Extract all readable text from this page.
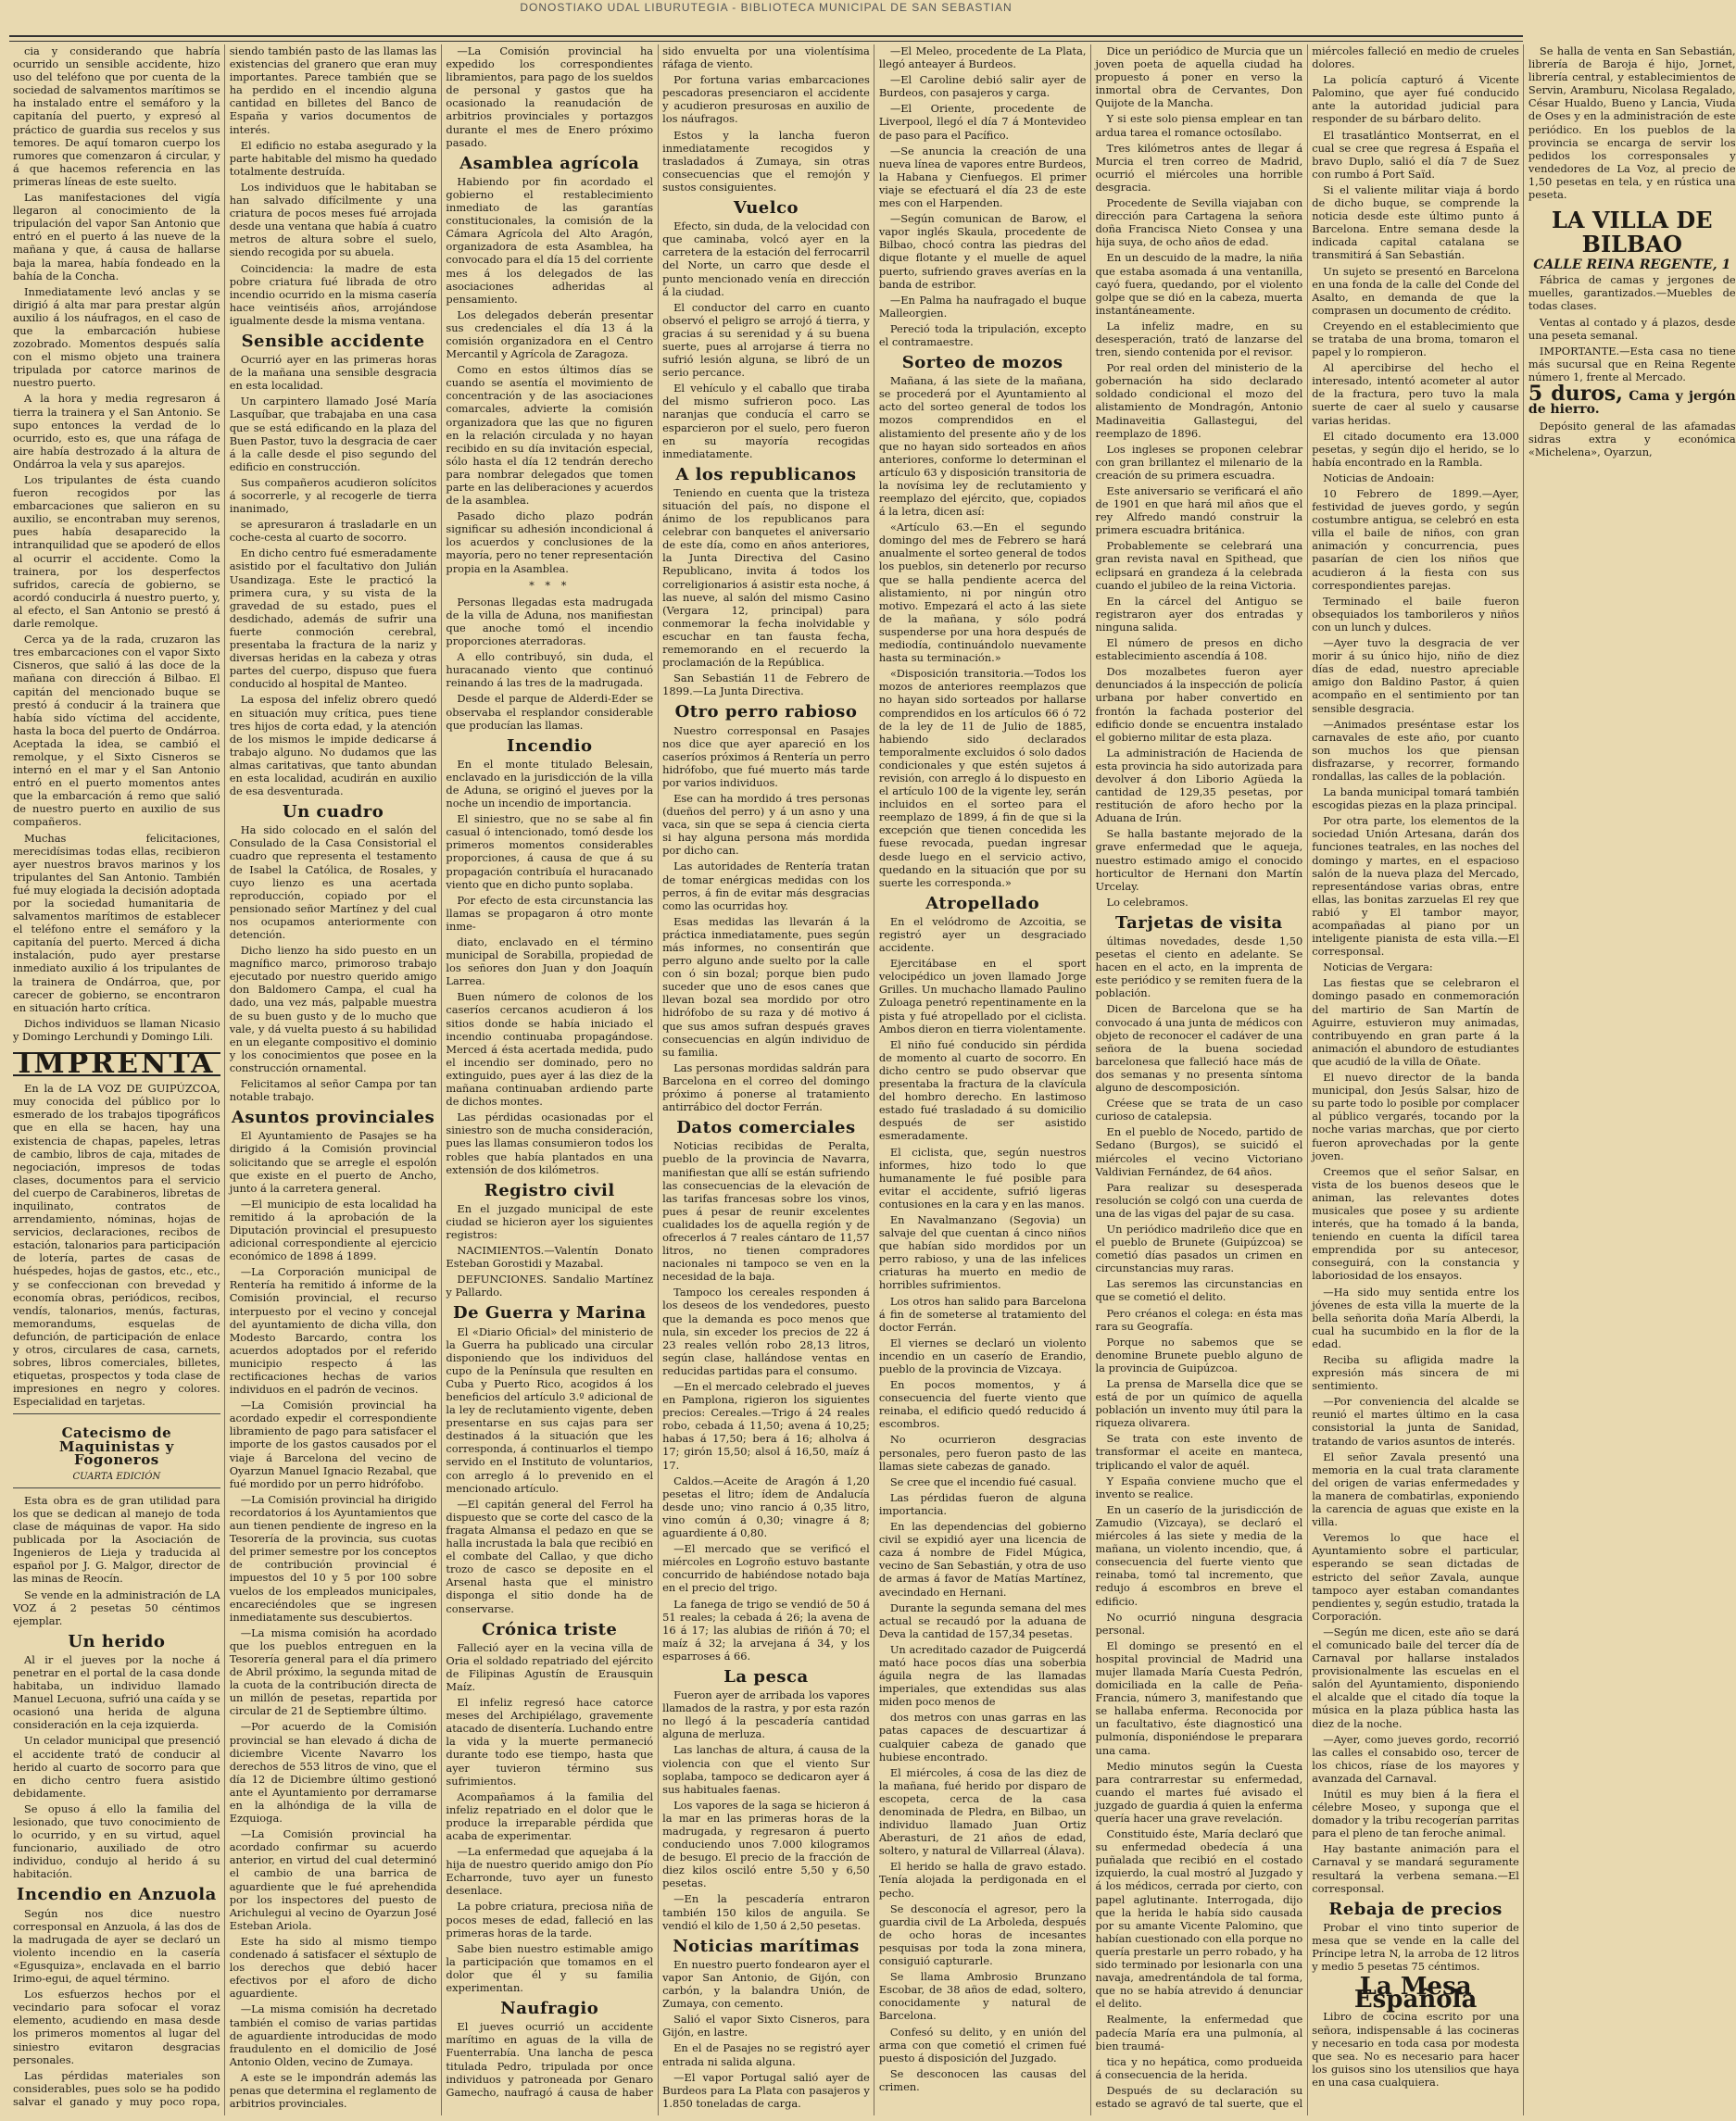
DONOSTIAKO UDAL LIBURUTEGIA - BIBLIOTECA MUNICIPAL DE SAN SEBASTIAN

cia y considerando que habría ocurrido un sensible accidente, hizo uso del teléfono que por cuenta de la sociedad de salvamentos marítimos se ha instalado entre el semáforo y la capitanía del puerto, y expresó al práctico de guardia sus recelos y sus temores. De aquí tomaron cuerpo los rumores que comenzaron á circular, y á que hacemos referencia en las primeras líneas de este suelto.

Las manifestaciones del vigía llegaron al conocimiento de la tripulación del vapor San Antonio que entró en el puerto á las nueve de la mañana y que, á causa de hallarse baja la marea, había fondeado en la bahía de la Concha.

Inmediatamente levó anclas y se dirigió á alta mar para prestar algún auxilio á los náufragos, en el caso de que la embarcación hubiese zozobrado. Momentos después salía con el mismo objeto una trainera tripulada por catorce marinos de nuestro puerto.

A la hora y media regresaron á tierra la trainera y el San Antonio. Se supo entonces la verdad de lo ocurrido, esto es, que una ráfaga de aire había destrozado á la altura de Ondárroa la vela y sus aparejos.

Los tripulantes de ésta cuando fueron recogidos por las embarcaciones que salieron en su auxilio, se encontraban muy serenos, pues había desaparecido la intranquilidad que se apoderó de ellos al ocurrir el accidente. Como la trainera, por los desperfectos sufridos, carecía de gobierno, se acordó conducirla á nuestro puerto, y, al efecto, el San Antonio se prestó á darle remolque.

Cerca ya de la rada, cruzaron las tres embarcaciones con el vapor Sixto Cisneros, que salió á las doce de la mañana con dirección á Bilbao. El capitán del mencionado buque se prestó á conducir á la trainera que había sido víctima del accidente, hasta la boca del puerto de Ondárroa. Aceptada la idea, se cambió el remolque, y el Sixto Cisneros se internó en el mar y el San Antonio entró en el puerto momentos antes que la embarcación á remo que salió de nuestro puerto en auxilio de sus compañeros.

Muchas felicitaciones, merecidísimas todas ellas, recibieron ayer nuestros bravos marinos y los tripulantes del San Antonio. También fué muy elogiada la decisión adoptada por la sociedad humanitaria de salvamentos marítimos de establecer el teléfono entre el semáforo y la capitanía del puerto. Merced á dicha instalación, pudo ayer prestarse inmediato auxilio á los tripulantes de la trainera de Ondárroa, que, por carecer de gobierno, se encontraron en situación harto crítica.

Dichos individuos se llaman Nicasio y Domingo Lerchundi y Domingo Lili.

IMPRENTA

En la de LA VOZ DE GUIPÚZCOA, muy conocida del público por lo esmerado de los trabajos tipográficos que en ella se hacen, hay una existencia de chapas, papeles, letras de cambio, libros de caja, mitades de negociación, impresos de todas clases, documentos para el servicio del cuerpo de Carabineros, libretas de inquilinato, contratos de arrendamiento, nóminas, hojas de servicios, declaraciones, recibos de estación, talonarios para participación de lotería, partes de casas de huéspedes, hojas de gastos, etc., etc., y se confeccionan con brevedad y economía obras, periódicos, recibos, vendís, talonarios, menús, facturas, memorandums, esquelas de defunción, de participación de enlace y otros, circulares de casa, carnets, sobres, libros comerciales, billetes, etiquetas, prospectos y toda clase de impresiones en negro y colores. Especialidad en tarjetas.

Catecismo de Maquinistas y Fogoneros
CUARTA EDICIÓN

Esta obra es de gran utilidad para los que se dedican al manejo de toda clase de máquinas de vapor. Ha sido publicada por la Asociación de Ingenieros de Lieja y traducida al español por J. G. Malgor, director de las minas de Reocín.

Se vende en la administración de LA VOZ á 2 pesetas 50 céntimos ejemplar.

Un herido

Al ir el jueves por la noche á penetrar en el portal de la casa donde habitaba, un individuo llamado Manuel Lecuona, sufrió una caída y se ocasionó una herida de alguna consideración en la ceja izquierda.

Un celador municipal que presenció el accidente trató de conducir al herido al cuarto de socorro para que en dicho centro fuera asistido debidamente.

Se opuso á ello la familia del lesionado, que tuvo conocimiento de lo ocurrido, y en su virtud, aquel funcionario, auxiliado de otro individuo, condujo al herido á su habitación.

Incendio en Anzuola

Según nos dice nuestro corresponsal en Anzuola, á las dos de la madrugada de ayer se declaró un violento incendio en la casería «Egusquiza», enclavada en el barrio Irimo-egui, de aquel término.

Los esfuerzos hechos por el vecindario para sofocar el voraz elemento, acudiendo en masa desde los primeros momentos al lugar del siniestro evitaron desgracias personales.

Las pérdidas materiales son considerables, pues solo se ha podido salvar el ganado y muy poco ropa, siendo también pasto de las llamas las existencias del granero que eran muy importantes. Parece también que se ha perdido en el incendio alguna cantidad en billetes del Banco de España y varios documentos de interés.

El edificio no estaba asegurado y la parte habitable del mismo ha quedado totalmente destruída.

Los individuos que le habitaban se han salvado difícilmente y una criatura de pocos meses fué arrojada desde una ventana que había á cuatro metros de altura sobre el suelo, siendo recogida por su abuela.

Coincidencia: la madre de esta pobre criatura fué librada de otro incendio ocurrido en la misma casería hace veintiséis años, arrojándose igualmente desde la misma ventana.

Sensible accidente

Ocurrió ayer en las primeras horas de la mañana una sensible desgracia en esta localidad.

Un carpintero llamado José María Lasquíbar, que trabajaba en una casa que se está edificando en la plaza del Buen Pastor, tuvo la desgracia de caer á la calle desde el piso segundo del edificio en construcción.

Sus compañeros acudieron solícitos á socorrerle, y al recogerle de tierra inanimado,

se apresuraron á trasladarle en un coche-cesta al cuarto de socorro.

En dicho centro fué esmeradamente asistido por el facultativo don Julián Usandizaga. Este le practicó la primera cura, y su vista de la gravedad de su estado, pues el desdichado, además de sufrir una fuerte conmoción cerebral, presentaba la fractura de la nariz y diversas heridas en la cabeza y otras partes del cuerpo, dispuso que fuera conducido al hospital de Manteo.

La esposa del infeliz obrero quedó en situación muy crítica, pues tiene tres hijos de corta edad, y la atención de los mismos le impide dedicarse á trabajo alguno. No dudamos que las almas caritativas, que tanto abundan en esta localidad, acudirán en auxilio de esa desventurada.

Un cuadro

Ha sido colocado en el salón del Consulado de la Casa Consistorial el cuadro que representa el testamento de Isabel la Católica, de Rosales, y cuyo lienzo es una acertada reproducción, copiado por el pensionado señor Martínez y del cual nos ocupamos anteriormente con detención.

Dicho lienzo ha sido puesto en un magnífico marco, primoroso trabajo ejecutado por nuestro querido amigo don Baldomero Campa, el cual ha dado, una vez más, palpable muestra de su buen gusto y de lo mucho que vale, y dá vuelta puesto á su habilidad en un elegante compositivo el dominio y los conocimientos que posee en la construcción ornamental.

Felicitamos al señor Campa por tan notable trabajo.

Asuntos provinciales

El Ayuntamiento de Pasajes se ha dirigido á la Comisión provincial solicitando que se arregle el espolón que existe en el puerto de Ancho, junto á la carretera general.

—El municipio de esta localidad ha remitido á la aprobación de la Diputación provincial el presupuesto adicional correspondiente al ejercicio económico de 1898 á 1899.

—La Corporación municipal de Rentería ha remitido á informe de la Comisión provincial, el recurso interpuesto por el vecino y concejal del ayuntamiento de dicha villa, don Modesto Barcardo, contra los acuerdos adoptados por el referido municipio respecto á las rectificaciones hechas de varios individuos en el padrón de vecinos.

—La Comisión provincial ha acordado expedir el correspondiente libramiento de pago para satisfacer el importe de los gastos causados por el viaje á Barcelona del vecino de Oyarzun Manuel Ignacio Rezabal, que fué mordido por un perro hidrófobo.

—La Comisión provincial ha dirigido recordatorios á los Ayuntamientos que aun tienen pendiente de ingreso en la Tesorería de la provincia, sus cuotas del primer semestre por los conceptos de contribución provincial é impuestos del 10 y 5 por 100 sobre vuelos de los empleados municipales, encareciéndoles que se ingresen inmediatamente sus descubiertos.

—La misma comisión ha acordado que los pueblos entreguen en la Tesorería general para el día primero de Abril próximo, la segunda mitad de la cuota de la contribución directa de un millón de pesetas, repartida por circular de 21 de Septiembre último.

—Por acuerdo de la Comisión provincial se han elevado á dicha de diciembre Vicente Navarro los derechos de 553 litros de vino, que el día 12 de Diciembre último gestionó ante el Ayuntamiento por derramarse en la alhóndiga de la villa de Ezquioga.

—La Comisión provincial ha acordado confirmar su acuerdo anterior, en virtud del cual determinó el cambio de una barrica de aguardiente que le fué aprehendida por los inspectores del puesto de Arichulegui al vecino de Oyarzun José Esteban Ariola.

Este ha sido al mismo tiempo condenado á satisfacer el séxtuplo de los derechos que debió hacer efectivos por el aforo de dicho aguardiente.

—La misma comisión ha decretado también el comiso de varias partidas de aguardiente introducidas de modo fraudulento en el domicilio de José Antonio Olden, vecino de Zumaya.

A este se le impondrán además las penas que determina el reglamento de arbitrios provinciales.

—La Comisión provincial ha expedido los correspondientes libramientos, para pago de los sueldos de personal y gastos que ha ocasionado la reanudación de arbitrios provinciales y portazgos durante el mes de Enero próximo pasado.

Asamblea agrícola

Habiendo por fin acordado el gobierno el restablecimiento inmediato de las garantías constitucionales, la comisión de la Cámara Agrícola del Alto Aragón, organizadora de esta Asamblea, ha convocado para el día 15 del corriente mes á los delegados de las asociaciones adheridas al pensamiento.

Los delegados deberán presentar sus credenciales el día 13 á la comisión organizadora en el Centro Mercantil y Agrícola de Zaragoza.

Como en estos últimos días se cuando se asentía el movimiento de concentración y de las asociaciones comarcales, advierte la comisión organizadora que las que no figuren en la relación circulada y no hayan recibido en su día invitación especial, sólo hasta el día 12 tendrán derecho para nombrar delegados que tomen parte en las deliberaciones y acuerdos de la asamblea.

Pasado dicho plazo podrán significar su adhesión incondicional á los acuerdos y conclusiones de la mayoría, pero no tener representación propia en la Asamblea.

* * *

Personas llegadas esta madrugada de la villa de Aduna, nos manifiestan que anoche tomó el incendio proporciones aterradoras.

A ello contribuyó, sin duda, el huracanado viento que continuó reinando á las tres de la madrugada.

Desde el parque de Alderdi-Eder se observaba el resplandor considerable que producían las llamas.

Incendio

En el monte titulado Belesain, enclavado en la jurisdicción de la villa de Aduna, se originó el jueves por la noche un incendio de importancia.

El siniestro, que no se sabe al fin casual ó intencionado, tomó desde los primeros momentos considerables proporciones, á causa de que á su propagación contribuía el huracanado viento que en dicho punto soplaba.

Por efecto de esta circunstancia las llamas se propagaron á otro monte inme-

diato, enclavado en el término municipal de Sorabilla, propiedad de los señores don Juan y don Joaquín Larrea.

Buen número de colonos de los caseríos cercanos acudieron á los sitios donde se había iniciado el incendio continuaba propagándose. Merced á ésta acertada medida, pudo el incendio ser dominado, pero no extinguido, pues ayer á las diez de la mañana continuaban ardiendo parte de dichos montes.

Las pérdidas ocasionadas por el siniestro son de mucha consideración, pues las llamas consumieron todos los robles que había plantados en una extensión de dos kilómetros.

Registro civil

En el juzgado municipal de este ciudad se hicieron ayer los siguientes registros:

NACIMIENTOS.—Valentín Donato Esteban Gorostidi y Mazabal.

DEFUNCIONES. Sandalio Martínez y Pallardo.

De Guerra y Marina

El «Diario Oficial» del ministerio de la Guerra ha publicado una circular disponiendo que los individuos del cupo de la Península que resulten en Cuba y Puerto Rico, acogidos á los beneficios del artículo 3.º adicional de la ley de reclutamiento vigente, deben presentarse en sus cajas para ser destinados á la situación que les corresponda, á continuarlos el tiempo servido en el Instituto de voluntarios, con arreglo á lo prevenido en el mencionado artículo.

—El capitán general del Ferrol ha dispuesto que se corte del casco de la fragata Almansa el pedazo en que se halla incrustada la bala que recibió en el combate del Callao, y que dicho trozo de casco se deposite en el Arsenal hasta que el ministro disponga el sitio donde ha de conservarse.

Crónica triste

Falleció ayer en la vecina villa de Oria el soldado repatriado del ejército de Filipinas Agustín de Erausquin Maíz.

El infeliz regresó hace catorce meses del Archipiélago, gravemente atacado de disentería. Luchando entre la vida y la muerte permaneció durante todo ese tiempo, hasta que ayer tuvieron término sus sufrimientos.

Acompañamos á la familia del infeliz repatriado en el dolor que le produce la irreparable pérdida que acaba de experimentar.

—La enfermedad que aquejaba á la hija de nuestro querido amigo don Pío Echarronde, tuvo ayer un funesto desenlace.

La pobre criatura, preciosa niña de pocos meses de edad, falleció en las primeras horas de la tarde.

Sabe bien nuestro estimable amigo la participación que tomamos en el dolor que él y su familia experimentan.

Naufragio

El jueves ocurrió un accidente marítimo en aguas de la villa de Fuenterrabía. Una lancha de pesca titulada Pedro, tripulada por once individuos y patroneada por Genaro Gamecho, naufragó á causa de haber sido envuelta por una violentísima ráfaga de viento.

Por fortuna varias embarcaciones pescadoras presenciaron el accidente y acudieron presurosas en auxilio de los náufragos.

Estos y la lancha fueron inmediatamente recogidos y trasladados á Zumaya, sin otras consecuencias que el remojón y sustos consiguientes.

Vuelco

Efecto, sin duda, de la velocidad con que caminaba, volcó ayer en la carretera de la estación del ferrocarril del Norte, un carro que desde el punto mencionado venía en dirección á la ciudad.

El conductor del carro en cuanto observó el peligro se arrojó á tierra, y gracias á su serenidad y á su buena suerte, pues al arrojarse á tierra no sufrió lesión alguna, se libró de un serio percance.

El vehículo y el caballo que tiraba del mismo sufrieron poco. Las naranjas que conducía el carro se esparcieron por el suelo, pero fueron en su mayoría recogidas inmediatamente.

A los republicanos

Teniendo en cuenta que la tristeza situación del país, no dispone el ánimo de los republicanos para celebrar con banquetes el aniversario de este día, como en años anteriores, la Junta Directiva del Casino Republicano, invita á todos los correligionarios á asistir esta noche, á las nueve, al salón del mismo Casino (Vergara 12, principal) para conmemorar la fecha inolvidable y escuchar en tan fausta fecha, rememorando en el recuerdo la proclamación de la República.

San Sebastián 11 de Febrero de 1899.—La Junta Directiva.

Otro perro rabioso

Nuestro corresponsal en Pasajes nos dice que ayer apareció en los caseríos próximos á Rentería un perro hidrófobo, que fué muerto más tarde por varios individuos.

Ese can ha mordido á tres personas (dueños del perro) y á un asno y una vaca, sin que se sepa á ciencia cierta si hay alguna persona más mordida por dicho can.

Las autoridades de Rentería tratan de tomar enérgicas medidas con los perros, á fin de evitar más desgracias como las ocurridas hoy.

Esas medidas las llevarán á la práctica inmediatamente, pues según más informes, no consentirán que perro alguno ande suelto por la calle con ó sin bozal; porque bien pudo suceder que uno de esos canes que llevan bozal sea mordido por otro hidrófobo de su raza y dé motivo á que sus amos sufran después graves consecuencias en algún individuo de su familia.

Las personas mordidas saldrán para Barcelona en el correo del domingo próximo á ponerse al tratamiento antirrábico del doctor Ferrán.

Datos comerciales

Noticias recibidas de Peralta, pueblo de la provincia de Navarra, manifiestan que allí se están sufriendo las consecuencias de la elevación de las tarifas francesas sobre los vinos, pues á pesar de reunir excelentes cualidades los de aquella región y de ofrecerlos á 7 reales cántaro de 11,57 litros, no tienen compradores nacionales ni tampoco se ven en la necesidad de la baja.

Tampoco los cereales responden á los deseos de los vendedores, puesto que la demanda es poco menos que nula, sin exceder los precios de 22 á 23 reales vellón robo 28,13 litros, según clase, hallándose ventas en reducidas partidas para el consumo.

—En el mercado celebrado el jueves en Pamplona, rigieron los siguientes precios: Cereales.—Trigo á 24 reales robo, cebada á 11,50; avena á 10,25; habas á 17,50; bera á 16; alholva á 17; girón 15,50; alsol á 16,50, maíz á 17.

Caldos.—Aceite de Aragón á 1,20 pesetas el litro; ídem de Andalucía desde uno; vino rancio á 0,35 litro, vino común á 0,30; vinagre á 8; aguardiente á 0,80.

—El mercado que se verificó el miércoles en Logroño estuvo bastante concurrido de habiéndose notado baja en el precio del trigo.

La fanega de trigo se vendió de 50 á 51 reales; la cebada á 26; la avena de 16 á 17; las alubias de riñón á 70; el maíz á 32; la arvejana á 34, y los esparroses á 66.

La pesca

Fueron ayer de arribada los vapores llamados de la rastra, y por esta razón no llegó á la pescadería cantidad alguna de merluza.

Las lanchas de altura, á causa de la violencia con que el viento Sur soplaba, tampoco se dedicaron ayer á sus habituales faenas.

Los vapores de la saga se hicieron á la mar en las primeras horas de la madrugada, y regresaron á puerto conduciendo unos 7.000 kilogramos de besugo. El precio de la fracción de diez kilos osciló entre 5,50 y 6,50 pesetas.

—En la pescadería entraron también 150 kilos de anguila. Se vendió el kilo de 1,50 á 2,50 pesetas.

Noticias marítimas

En nuestro puerto fondearon ayer el vapor San Antonio, de Gijón, con carbón, y la balandra Unión, de Zumaya, con cemento.

Salió el vapor Sixto Cisneros, para Gijón, en lastre.

En el de Pasajes no se registró ayer entrada ni salida alguna.

—El vapor Portugal salió ayer de Burdeos para La Plata con pasajeros y 1.850 toneladas de carga.

—El Meleo, procedente de La Plata, llegó anteayer á Burdeos.

—El Caroline debió salir ayer de Burdeos, con pasajeros y carga.

—El Oriente, procedente de Liverpool, llegó el día 7 á Montevideo de paso para el Pacífico.

—Se anuncia la creación de una nueva línea de vapores entre Burdeos, la Habana y Cienfuegos. El primer viaje se efectuará el día 23 de este mes con el Harpenden.

—Según comunican de Barow, el vapor inglés Skaula, procedente de Bilbao, chocó contra las piedras del dique flotante y el muelle de aquel puerto, sufriendo graves averías en la banda de estribor.

—En Palma ha naufragado el buque Malleorgien.

Pereció toda la tripulación, excepto el contramaestre.

Sorteo de mozos

Mañana, á las siete de la mañana, se procederá por el Ayuntamiento al acto del sorteo general de todos los mozos comprendidos en el alistamiento del presente año y de los que no hayan sido sorteados en años anteriores, conforme lo determinan el artículo 63 y disposición transitoria de la novísima ley de reclutamiento y reemplazo del ejército, que, copiados á la letra, dicen así:

«Artículo 63.—En el segundo domingo del mes de Febrero se hará anualmente el sorteo general de todos los pueblos, sin detenerlo por recurso que se halla pendiente acerca del alistamiento, ni por ningún otro motivo. Empezará el acto á las siete de la mañana, y sólo podrá suspenderse por una hora después de mediodía, continuándolo nuevamente hasta su terminación.»

«Disposición transitoria.—Todos los mozos de anteriores reemplazos que no hayan sido sorteados por hallarse comprendidos en los artículos 66 ó 72 de la ley de 11 de Julio de 1885, habiendo sido declarados temporalmente excluidos ó solo dados condicionales y que estén sujetos á revisión, con arreglo á lo dispuesto en el artículo 100 de la vigente ley, serán incluidos en el sorteo para el reemplazo de 1899, á fin de que si la excepción que tienen concedida les fuese revocada, puedan ingresar desde luego en el servicio activo, quedando en la situación que por su suerte les corresponda.»

Atropellado

En el velódromo de Azcoitia, se registró ayer un desgraciado accidente.

Ejercitábase en el sport velocipédico un joven llamado Jorge Grilles. Un muchacho llamado Paulino Zuloaga penetró repentinamente en la pista y fué atropellado por el ciclista. Ambos dieron en tierra violentamente.

El niño fué conducido sin pérdida de momento al cuarto de socorro. En dicho centro se pudo observar que presentaba la fractura de la clavícula del hombro derecho. En lastimoso estado fué trasladado á su domicilio después de ser asistido esmeradamente.

El ciclista, que, según nuestros informes, hizo todo lo que humanamente le fué posible para evitar el accidente, sufrió ligeras contusiones en la cara y en las manos.

En Navalmanzano (Segovia) un salvaje del que cuentan á cinco niños que habían sido mordidos por un perro rabioso, y una de las infelices criaturas ha muerto en medio de horribles sufrimientos.

Los otros han salido para Barcelona á fin de someterse al tratamiento del doctor Ferrán.

El viernes se declaró un violento incendio en un caserío de Erandio, pueblo de la provincia de Vizcaya.

En pocos momentos, y á consecuencia del fuerte viento que reinaba, el edificio quedó reducido á escombros.

No ocurrieron desgracias personales, pero fueron pasto de las llamas siete cabezas de ganado.

Se cree que el incendio fué casual.

Las pérdidas fueron de alguna importancia.

En las dependencias del gobierno civil se expidió ayer una licencia de caza á nombre de Fidel Múgica, vecino de San Sebastián, y otra de uso de armas á favor de Matías Martínez, avecindado en Hernani.

Durante la segunda semana del mes actual se recaudó por la aduana de Deva la cantidad de 157,34 pesetas.

Un acreditado cazador de Puigcerdá mató hace pocos días una soberbia águila negra de las llamadas imperiales, que extendidas sus alas miden poco menos de

dos metros con unas garras en las patas capaces de descuartizar á cualquier cabeza de ganado que hubiese encontrado.

El miércoles, á cosa de las diez de la mañana, fué herido por disparo de escopeta, cerca de la casa denominada de Pledra, en Bilbao, un individuo llamado Juan Ortiz Aberasturi, de 21 años de edad, soltero, y natural de Villarreal (Álava).

El herido se halla de gravo estado. Tenía alojada la perdigonada en el pecho.

Se desconocía el agresor, pero la guardia civil de La Arboleda, después de ocho horas de incesantes pesquisas por toda la zona minera, consiguió capturarle.

Se llama Ambrosio Brunzano Escobar, de 38 años de edad, soltero, conocidamente y natural de Barcelona.

Confesó su delito, y en unión del arma con que cometió el crimen fué puesto á disposición del Juzgado.

Se desconocen las causas del crimen.

Dice un periódico de Murcia que un joven poeta de aquella ciudad ha propuesto á poner en verso la inmortal obra de Cervantes, Don Quijote de la Mancha.

Y si este solo piensa emplear en tan ardua tarea el romance octosílabo.

Tres kilómetros antes de llegar á Murcia el tren correo de Madrid, ocurrió el miércoles una horrible desgracia.

Procedente de Sevilla viajaban con dirección para Cartagena la señora doña Francisca Nieto Consea y una hija suya, de ocho años de edad.

En un descuido de la madre, la niña que estaba asomada á una ventanilla, cayó fuera, quedando, por el violento golpe que se dió en la cabeza, muerta instantáneamente.

La infeliz madre, en su desesperación, trató de lanzarse del tren, siendo contenida por el revisor.

Por real orden del ministerio de la gobernación ha sido declarado soldado condicional el mozo del alistamiento de Mondragón, Antonio Madinaveitia Gallastegui, del reemplazo de 1896.

Los ingleses se proponen celebrar con gran brillantez el milenario de la creación de su primera escuadra.

Este aniversario se verificará el año de 1901 en que hará mil años que el rey Alfredo mandó construir la primera escuadra británica.

Probablemente se celebrará una gran revista naval en Spithead, que eclipsará en grandeza á la celebrada cuando el jubileo de la reina Victoria.

En la cárcel del Antiguo se registraron ayer dos entradas y ninguna salida.

El número de presos en dicho establecimiento ascendía á 108.

Dos mozalbetes fueron ayer denunciados á la inspección de policía urbana por haber convertido en frontón la fachada posterior del edificio donde se encuentra instalado el gobierno militar de esta plaza.

La administración de Hacienda de esta provincia ha sido autorizada para devolver á don Liborio Agüeda la cantidad de 129,35 pesetas, por restitución de aforo hecho por la Aduana de Irún.

Se halla bastante mejorado de la grave enfermedad que le aqueja, nuestro estimado amigo el conocido horticultor de Hernani don Martín Urcelay.

Lo celebramos.

Tarjetas de visita

últimas novedades, desde 1,50 pesetas el ciento en adelante. Se hacen en el acto, en la imprenta de este periódico y se remiten fuera de la población.

Dicen de Barcelona que se ha convocado á una junta de médicos con objeto de reconocer el cadáver de una señora de la buena sociedad barcelonesa que falleció hace más de dos semanas y no presenta síntoma alguno de descomposición.

Créese que se trata de un caso curioso de catalepsia.

En el pueblo de Nocedo, partido de Sedano (Burgos), se suicidó el miércoles el vecino Victoriano Valdivian Fernández, de 64 años.

Para realizar su desesperada resolución se colgó con una cuerda de una de las vigas del pajar de su casa.

Un periódico madrileño dice que en el pueblo de Brunete (Guipúzcoa) se cometió días pasados un crimen en circunstancias muy raras.

Las seremos las circunstancias en que se cometió el delito.

Pero créanos el colega: en ésta mas rara su Geografía.

Porque no sabemos que se denomine Brunete pueblo alguno de la provincia de Guipúzcoa.

La prensa de Marsella dice que se está de por un químico de aquella población un invento muy útil para la riqueza olivarera.

Se trata con este invento de transformar el aceite en manteca, triplicando el valor de aquél.

Y España conviene mucho que el invento se realice.

En un caserío de la jurisdicción de Zamudio (Vizcaya), se declaró el miércoles á las siete y media de la mañana, un violento incendio, que, á consecuencia del fuerte viento que reinaba, tomó tal incremento, que redujo á escombros en breve el edificio.

No ocurrió ninguna desgracia personal.

El domingo se presentó en el hospital provincial de Madrid una mujer llamada María Cuesta Pedrón, domiciliada en la calle de Peña-Francia, número 3, manifestando que se hallaba enferma. Reconocida por un facultativo, éste diagnosticó una pulmonía, disponiéndose le preparara una cama.

Medio minutos según la Cuesta para contrarrestar su enfermedad, cuando el martes fué avisado el juzgado de guardia á quien la enferma quería hacer una grave revelación.

Constituido éste, María declaró que su enfermedad obedecía á una puñalada que recibió en el costado izquierdo, la cual mostró al Juzgado y á los médicos, cerrada por cierto, con papel aglutinante. Interrogada, dijo que la herida le había sido causada por su amante Vicente Palomino, que habían cuestionado con ella porque no quería prestarle un perro robado, y ha sido terminado por lesionarla con una navaja, amedrentándola de tal forma, que no se había atrevido á denunciar el delito.

Realmente, la enfermedad que padecía María era una pulmonía, al bien traumá-

tica y no hepática, como produeida á consecuencia de la herida.

Después de su declaración su estado se agravó de tal suerte, que el miércoles falleció en medio de crueles dolores.

La policía capturó á Vicente Palomino, que ayer fué conducido ante la autoridad judicial para responder de su bárbaro delito.

El trasatlántico Montserrat, en el cual se cree que regresa á España el bravo Duplo, salió el día 7 de Suez con rumbo á Port Saïd.

Si el valiente militar viaja á bordo de dicho buque, se comprende la noticia desde este último punto á Barcelona. Entre semana desde la indicada capital catalana se transmitirá á San Sebastián.

Un sujeto se presentó en Barcelona en una fonda de la calle del Conde del Asalto, en demanda de que la comprasen un documento de crédito.

Creyendo en el establecimiento que se trataba de una broma, tomaron el papel y lo rompieron.

Al apercibirse del hecho el interesado, intentó acometer al autor de la fractura, pero tuvo la mala suerte de caer al suelo y causarse varias heridas.

El citado documento era 13.000 pesetas, y según dijo el herido, se lo había encontrado en la Rambla.

Noticias de Andoain:

10 Febrero de 1899.—Ayer, festividad de jueves gordo, y según costumbre antigua, se celebró en esta villa el baile de niños, con gran animación y concurrencia, pues pasarían de cien los niños que acudieron á la fiesta con sus correspondientes parejas.

Terminado el baile fueron obsequiados los tamborileros y niños con un lunch y dulces.

—Ayer tuvo la desgracia de ver morir á su único hijo, niño de diez días de edad, nuestro apreciable amigo don Baldino Pastor, á quien acompaño en el sentimiento por tan sensible desgracia.

—Animados preséntase estar los carnavales de este año, por cuanto son muchos los que piensan disfrazarse, y recorrer, formando rondallas, las calles de la población.

La banda municipal tomará también escogidas piezas en la plaza principal.

Por otra parte, los elementos de la sociedad Unión Artesana, darán dos funciones teatrales, en las noches del domingo y martes, en el espacioso salón de la nueva plaza del Mercado, representándose varias obras, entre ellas, las bonitas zarzuelas El rey que rabió y El tambor mayor, acompañadas al piano por un inteligente pianista de esta villa.—El corresponsal.

Noticias de Vergara:

Las fiestas que se celebraron el domingo pasado en conmemoración del martirio de San Martín de Aguirre, estuvieron muy animadas, contribuyendo en gran parte á la animación el abundoro de estudiantes que acudió de la villa de Oñate.

El nuevo director de la banda municipal, don Jesús Salsar, hizo de su parte todo lo posible por complacer al público vergarés, tocando por la noche varias marchas, que por cierto fueron aprovechadas por la gente joven.

Creemos que el señor Salsar, en vista de los buenos deseos que le animan, las relevantes dotes musicales que posee y su ardiente interés, que ha tomado á la banda, teniendo en cuenta la difícil tarea emprendida por su antecesor, conseguirá, con la constancia y laboriosidad de los ensayos.

—Ha sido muy sentida entre los jóvenes de esta villa la muerte de la bella señorita doña María Alberdi, la cual ha sucumbido en la flor de la edad.

Reciba su afligida madre la expresión más sincera de mi sentimiento.

—Por conveniencia del alcalde se reunió el martes último en la casa consistorial la junta de Sanidad, tratando de varios asuntos de interés.

El señor Zavala presentó una memoria en la cual trata claramente del origen de varias enfermedades y la manera de combatirlas, exponiendo la carencia de aguas que existe en la villa.

Veremos lo que hace el Ayuntamiento sobre el particular, esperando se sean dictadas de estricto del señor Zavala, aunque tampoco ayer estaban comandantes pendientes y, según estudio, tratada la Corporación.

—Según me dicen, este año se dará el comunicado baile del tercer día de Carnaval por hallarse instalados provisionalmente las escuelas en el salón del Ayuntamiento, disponiendo el alcalde que el citado día toque la música en la plaza pública hasta las diez de la noche.

—Ayer, como jueves gordo, recorrió las calles el consabido oso, tercer de los chicos, ríase de los mayores y avanzada del Carnaval.

Inútil es muy bien á la fiera el célebre Moseo, y suponga que el domador y la tribu recogerían parritas para el pleno de tan feroche animal.

Hay bastante animación para el Carnaval y se mandará seguramente resultará la verbena semana.—El corresponsal.

Rebaja de precios

Probar el vino tinto superior de mesa que se vende en la calle del Príncipe letra N, la arroba de 12 litros y medio 5 pesetas 75 céntimos.

La Mesa Española

Libro de cocina escrito por una señora, indispensable á las cocineras y necesario en toda casa por modesta que sea. No es necesario para hacer los guisos sino los utensilios que haya en una casa cualquiera.

Se halla de venta en San Sebastián, librería de Baroja é hijo, Jornet, librería central, y establecimientos de Servin, Aramburu, Nicolasa Regalado, César Hualdo, Bueno y Lancia, Viuda de Oses y en la administración de este periódico. En los pueblos de la provincia se encarga de servir los pedidos los corresponsales y vendedores de La Voz, al precio de 1,50 pesetas en tela, y en rústica una peseta.

LA VILLA DE BILBAO
CALLE REINA REGENTE, 1

Fábrica de camas y jergones de muelles, garantizados.—Muebles de todas clases.

Ventas al contado y á plazos, desde una peseta semanal.

IMPORTANTE.—Esta casa no tiene más sucursal que en Reina Regente número 1, frente al Mercado.

5 duros, Cama y jergón de hierro.

Depósito general de las afamadas sidras extra y económica «Michelena», Oyarzun,
